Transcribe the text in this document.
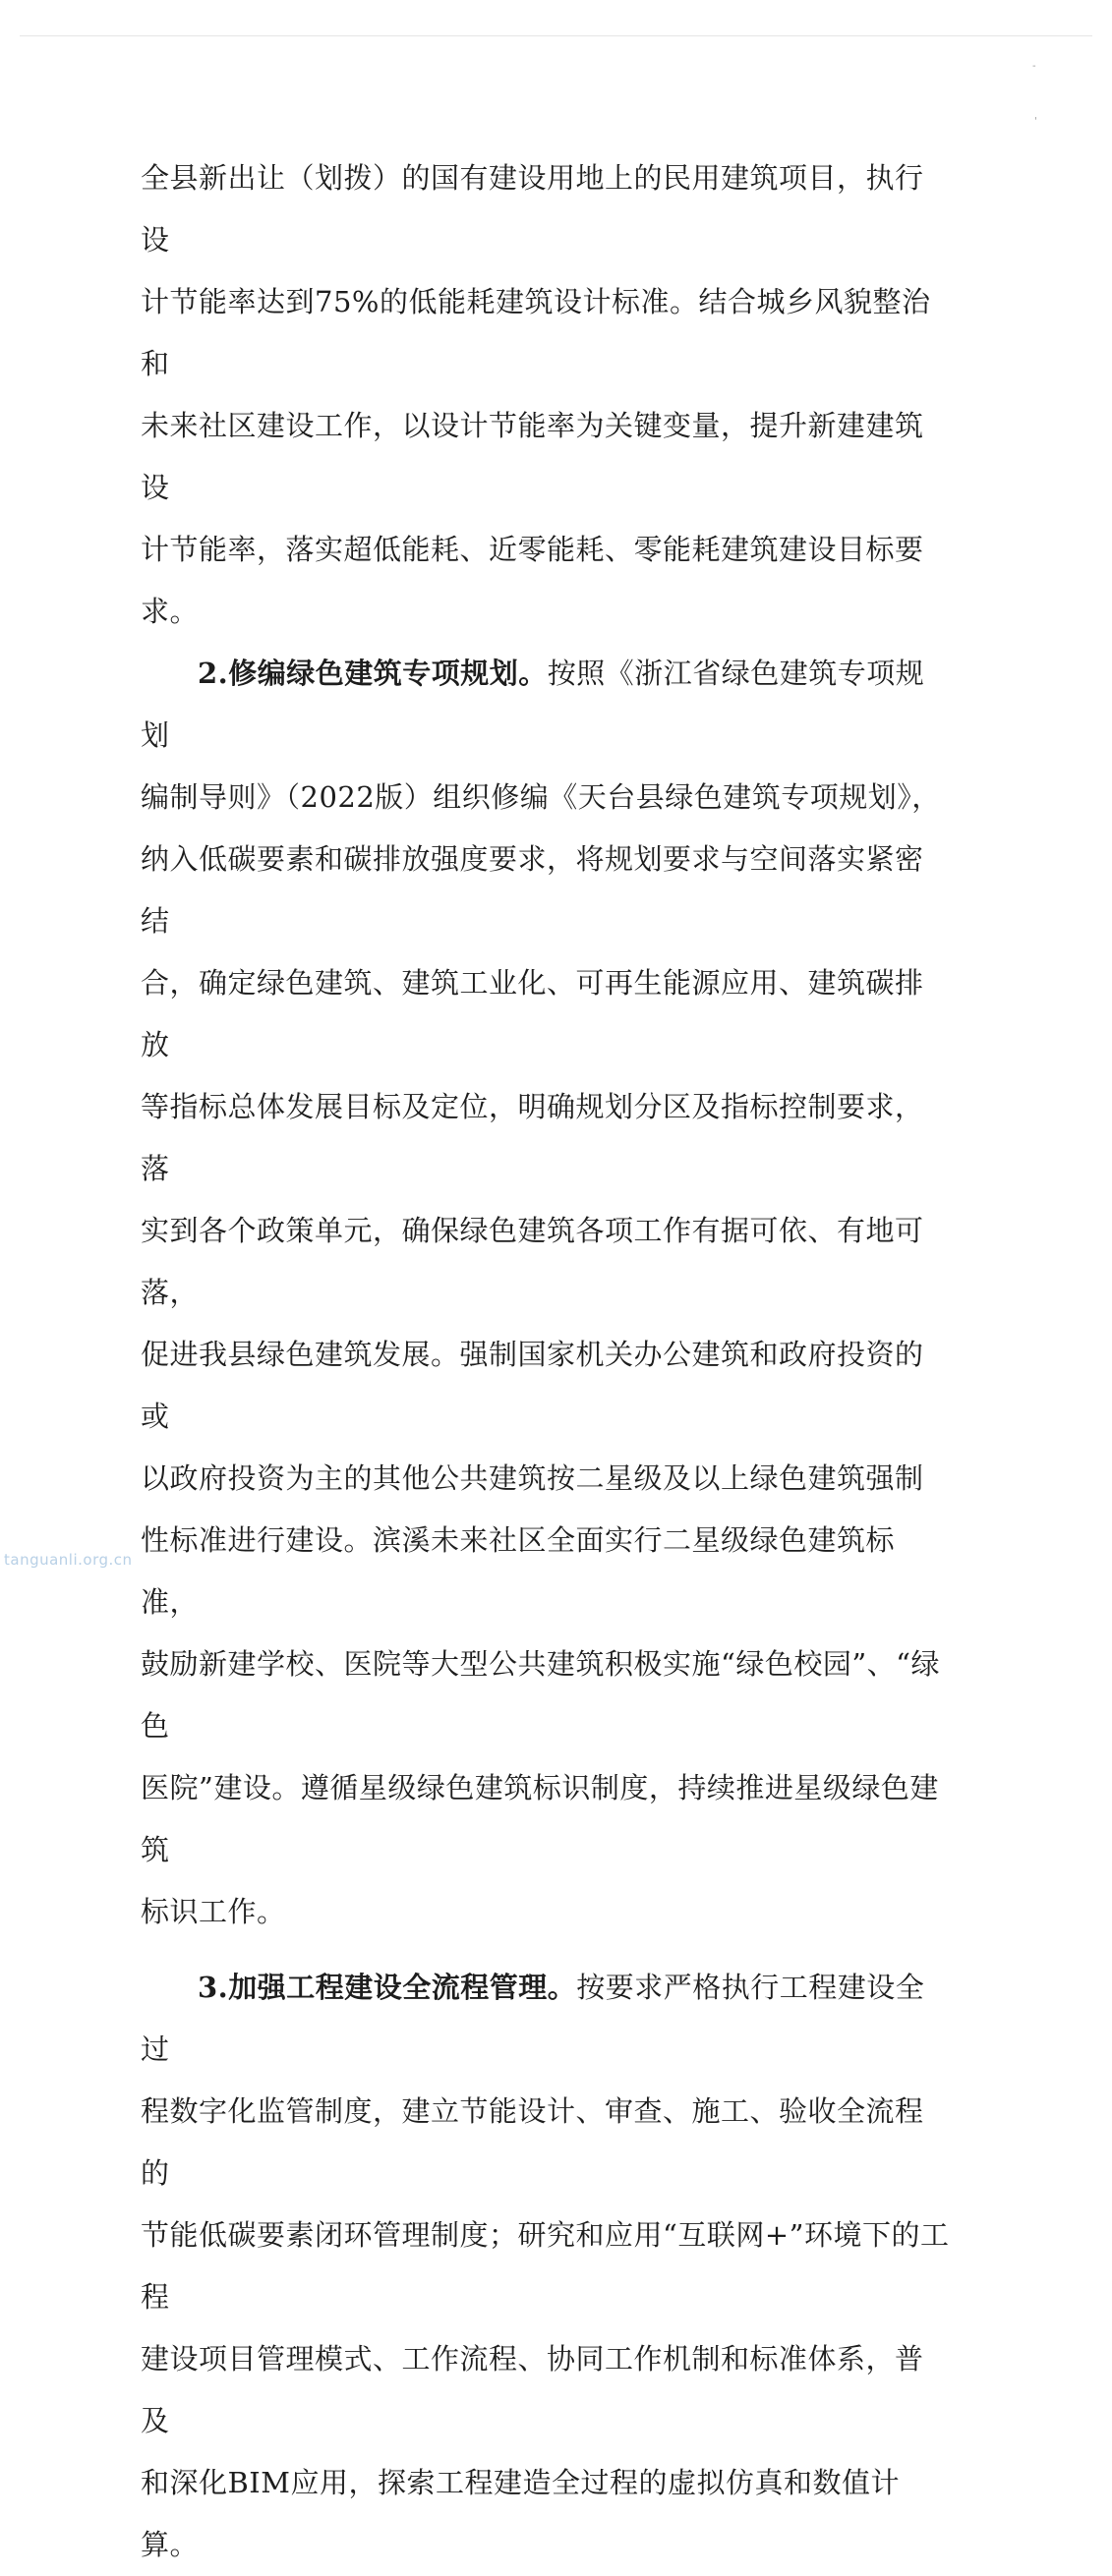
-
'

全县新出让（划拨）的国有建设用地上的民用建筑项目，执行设

计节能率达到75%的低能耗建筑设计标准。结合城乡风貌整治和

未来社区建设工作，以设计节能率为关键变量，提升新建建筑设

计节能率，落实超低能耗、近零能耗、零能耗建筑建设目标要求。

2.修编绿色建筑专项规划。按照《浙江省绿色建筑专项规划

编制导则》（2022版）组织修编《天台县绿色建筑专项规划》，

纳入低碳要素和碳排放强度要求，将规划要求与空间落实紧密结

合，确定绿色建筑、建筑工业化、可再生能源应用、建筑碳排放

等指标总体发展目标及定位，明确规划分区及指标控制要求，落

实到各个政策单元，确保绿色建筑各项工作有据可依、有地可落，

促进我县绿色建筑发展。强制国家机关办公建筑和政府投资的或

以政府投资为主的其他公共建筑按二星级及以上绿色建筑强制

性标准进行建设。滨溪未来社区全面实行二星级绿色建筑标准，

鼓励新建学校、医院等大型公共建筑积极实施“绿色校园”、“绿色

医院”建设。遵循星级绿色建筑标识制度，持续推进星级绿色建筑

标识工作。

3.加强工程建设全流程管理。按要求严格执行工程建设全过

程数字化监管制度，建立节能设计、审查、施工、验收全流程的

节能低碳要素闭环管理制度；研究和应用“互联网+”环境下的工程

建设项目管理模式、工作流程、协同工作机制和标准体系，普及

和深化BIM应用，探索工程建造全过程的虚拟仿真和数值计算。

tanguanli.org.cn
